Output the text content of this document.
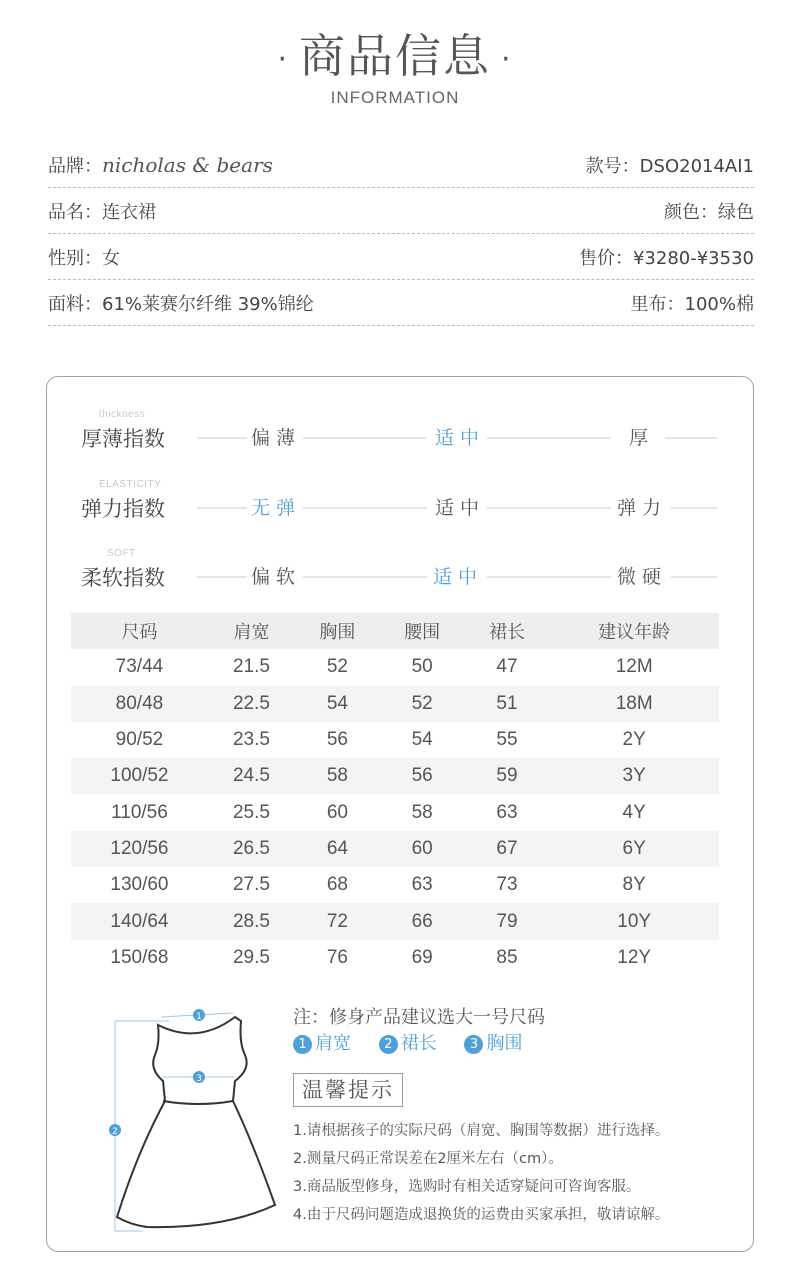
· 商品信息 ·
INFORMATION
品牌：nicholas & bears	款号：DSO2014AI1
品名：连衣裙	颜色：绿色
性别：女	售价：¥3280-¥3530
面料：61%莱赛尔纤维 39%锦纶	里布：100%棉
thickness
厚薄指数	偏薄	适中	厚
ELASTICITY
弹力指数	无弹	适中	弹力
SOFT
柔软指数	偏软	适中	微硬
尺码	肩宽	胸围	腰围	裙长	建议年龄
73/44	21.5	52	50	47	12M
80/48	22.5	54	52	51	18M
90/52	23.5	56	54	55	2Y
100/52	24.5	58	56	59	3Y
110/56	25.5	60	58	63	4Y
120/56	26.5	64	60	67	6Y
130/60	27.5	68	63	73	8Y
140/64	28.5	72	66	79	10Y
150/68	29.5	76	69	85	12Y
1
3
2
注：修身产品建议选大一号尺码
1 肩宽	2 裙长	3 胸围
温馨提示
1.请根据孩子的实际尺码（肩宽、胸围等数据）进行选择。
2.测量尺码正常误差在2厘米左右（cm）。
3.商品版型修身，选购时有相关适穿疑问可咨询客服。
4.由于尺码问题造成退换货的运费由买家承担，敬请谅解。
